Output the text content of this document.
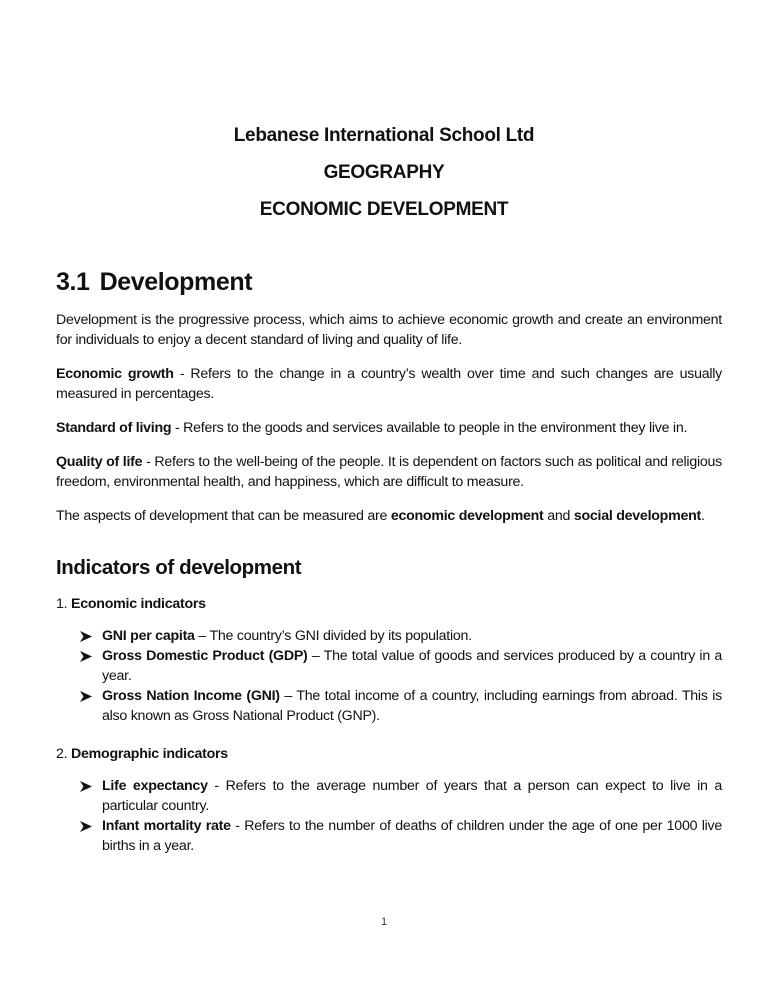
Lebanese International School Ltd
GEOGRAPHY
ECONOMIC DEVELOPMENT
3.1 Development
Development is the progressive process, which aims to achieve economic growth and create an environment for individuals to enjoy a decent standard of living and quality of life.
Economic growth - Refers to the change in a country’s wealth over time and such changes are usually measured in percentages.
Standard of living - Refers to the goods and services available to people in the environment they live in.
Quality of life - Refers to the well-being of the people. It is dependent on factors such as political and religious freedom, environmental health, and happiness, which are difficult to measure.
The aspects of development that can be measured are economic development and social development.
Indicators of development
1. Economic indicators
GNI per capita – The country’s GNI divided by its population.
Gross Domestic Product (GDP) – The total value of goods and services produced by a country in a year.
Gross Nation Income (GNI) – The total income of a country, including earnings from abroad. This is also known as Gross National Product (GNP).
2. Demographic indicators
Life expectancy - Refers to the average number of years that a person can expect to live in a particular country.
Infant mortality rate - Refers to the number of deaths of children under the age of one per 1000 live births in a year.
1
